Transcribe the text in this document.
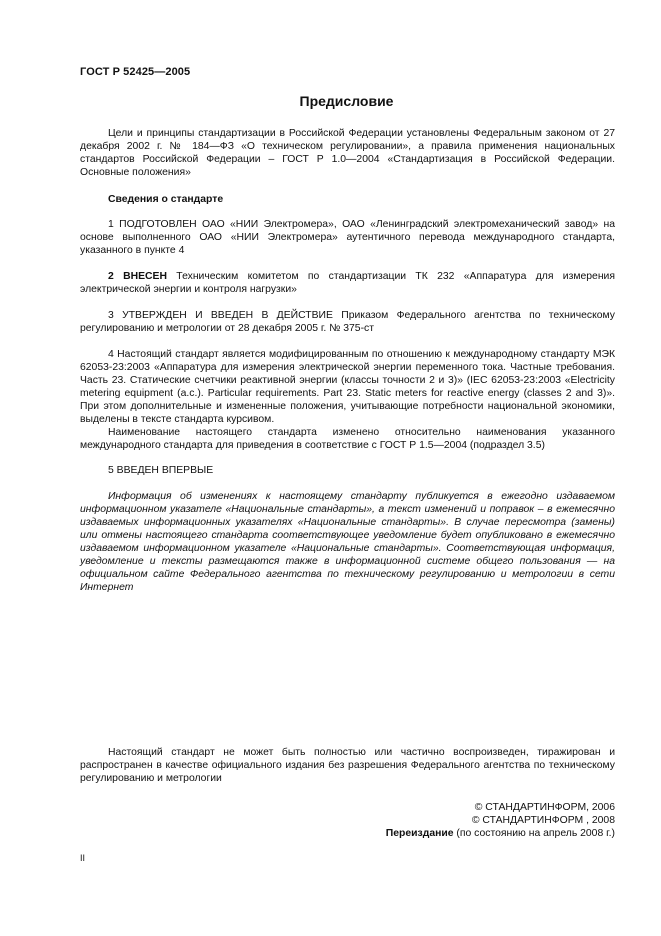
ГОСТ Р 52425—2005
Предисловие

Цели и принципы стандартизации в Российской Федерации установлены Федеральным законом от 27 декабря 2002 г. № 184—ФЗ «О техническом регулировании», а правила применения национальных стандартов Российской Федерации – ГОСТ Р 1.0—2004 «Стандартизация в Российской Федерации. Основные положения»

Сведения о стандарте

1 ПОДГОТОВЛЕН ОАО «НИИ Электромера», ОАО «Ленинградский электромеханический завод» на основе выполненного ОАО «НИИ Электромера» аутентичного перевода международного стандарта, указанного в пункте 4

2 ВНЕСЕН Техническим комитетом по стандартизации ТК 232 «Аппаратура для измерения электрической энергии и контроля нагрузки»

3 УТВЕРЖДЕН И ВВЕДЕН В ДЕЙСТВИЕ Приказом Федерального агентства по техническому регулированию и метрологии от 28 декабря 2005 г. № 375-ст

4 Настоящий стандарт является модифицированным по отношению к международному стандарту МЭК 62053-23:2003 «Аппаратура для измерения электрической энергии переменного тока. Частные требования. Часть 23. Статические счетчики реактивной энергии (классы точности 2 и 3)» (IEC 62053-23:2003 «Electricity metering equipment (a.c.). Particular requirements. Part 23. Static meters for reactive energy (classes 2 and 3)». При этом дополнительные и измененные положения, учитывающие потребности национальной экономики, выделены в тексте стандарта курсивом.

Наименование настоящего стандарта изменено относительно наименования указанного международного стандарта для приведения в соответствие с ГОСТ Р 1.5—2004 (подраздел 3.5)

5 ВВЕДЕН ВПЕРВЫЕ

Информация об изменениях к настоящему стандарту публикуется в ежегодно издаваемом информационном указателе «Национальные стандарты», а текст изменений и поправок – в ежемесячно издаваемых информационных указателях «Национальные стандарты». В случае пересмотра (замены) или отмены настоящего стандарта соответствующее уведомление будет опубликовано в ежемесячно издаваемом информационном указателе «Национальные стандарты». Соответствующая информация, уведомление и тексты размещаются также в информационной системе общего пользования — на официальном сайте Федерального агентства по техническому регулированию и метрологии в сети Интернет

Настоящий стандарт не может быть полностью или частично воспроизведен, тиражирован и распространен в качестве официального издания без разрешения Федерального агентства по техническому регулированию и метрологии

© СТАНДАРТИНФОРМ, 2006
© СТАНДАРТИНФОРМ , 2008
Переиздание (по состоянию на апрель 2008 г.)
II
